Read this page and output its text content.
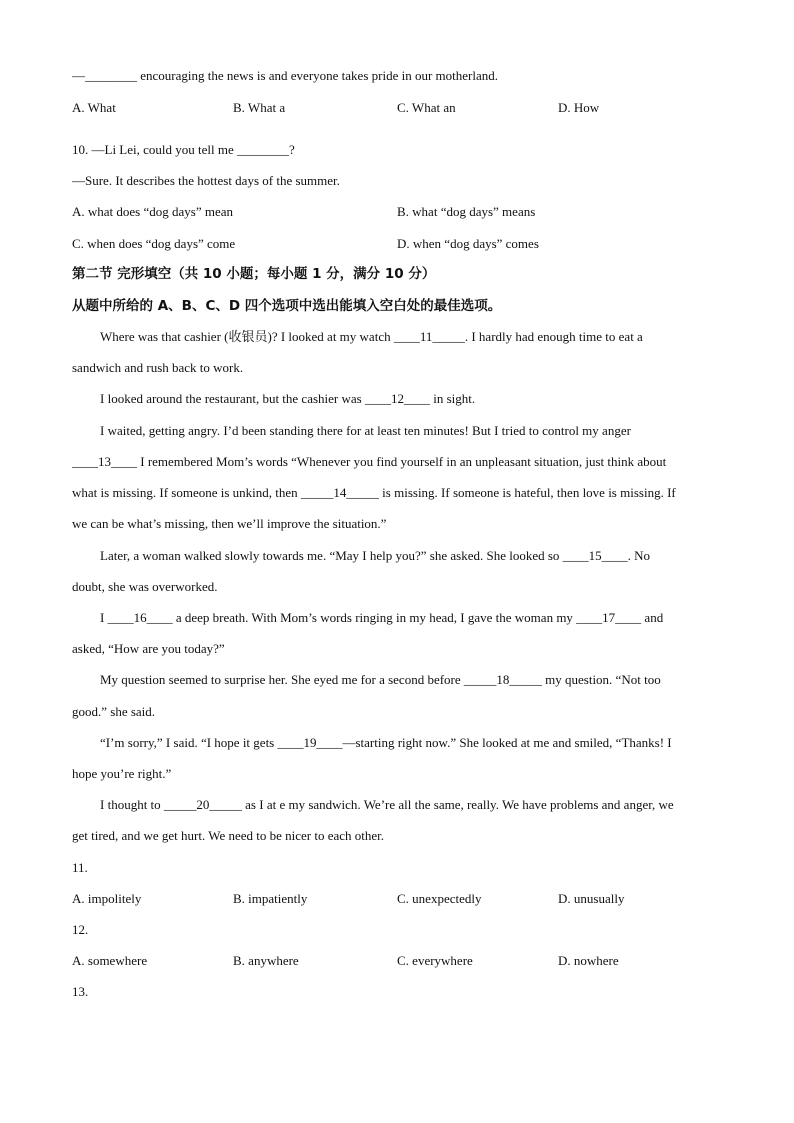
—________ encouraging the news is and everyone takes pride in our motherland.
A. What	B. What a	C. What an	D. How
10. —Li Lei, could you tell me ________?
—Sure. It describes the hottest days of the summer.
A. what does “dog days” mean	B. what “dog days” means
C. when does “dog days” come	D. when “dog days” comes
第二节 完形填空（共 10 小题；每小题 1 分，满分 10 分）
从题中所给的 A、B、C、D 四个选项中选出能填入空白处的最佳选项。
Where was that cashier (收银员)? I looked at my watch ____11_____. I hardly had enough time to eat a
sandwich and rush back to work.
I looked around the restaurant, but the cashier was ____12____ in sight.
I waited, getting angry. I’d been standing there for at least ten minutes! But I tried to control my anger
____13____ I remembered Mom’s words “Whenever you find yourself in an unpleasant situation, just think about
what is missing. If someone is unkind, then _____14_____ is missing. If someone is hateful, then love is missing. If
we can be what’s missing, then we’ll improve the situation.”
Later, a woman walked slowly towards me. “May I help you?” she asked. She looked so ____15____. No
doubt, she was overworked.
I ____16____ a deep breath. With Mom’s words ringing in my head, I gave the woman my ____17____ and
asked, “How are you today?”
My question seemed to surprise her. She eyed me for a second before _____18_____ my question. “Not too
good.” she said.
“I’m sorry,” I said. “I hope it gets ____19____—starting right now.” She looked at me and smiled, “Thanks! I
hope you’re right.”
I thought to _____20_____ as I at e my sandwich. We’re all the same, really. We have problems and anger, we
get tired, and we get hurt. We need to be nicer to each other.
11.
A. impolitely	B. impatiently	C. unexpectedly	D. unusually
12.
A. somewhere	B. anywhere	C. everywhere	D. nowhere
13.
